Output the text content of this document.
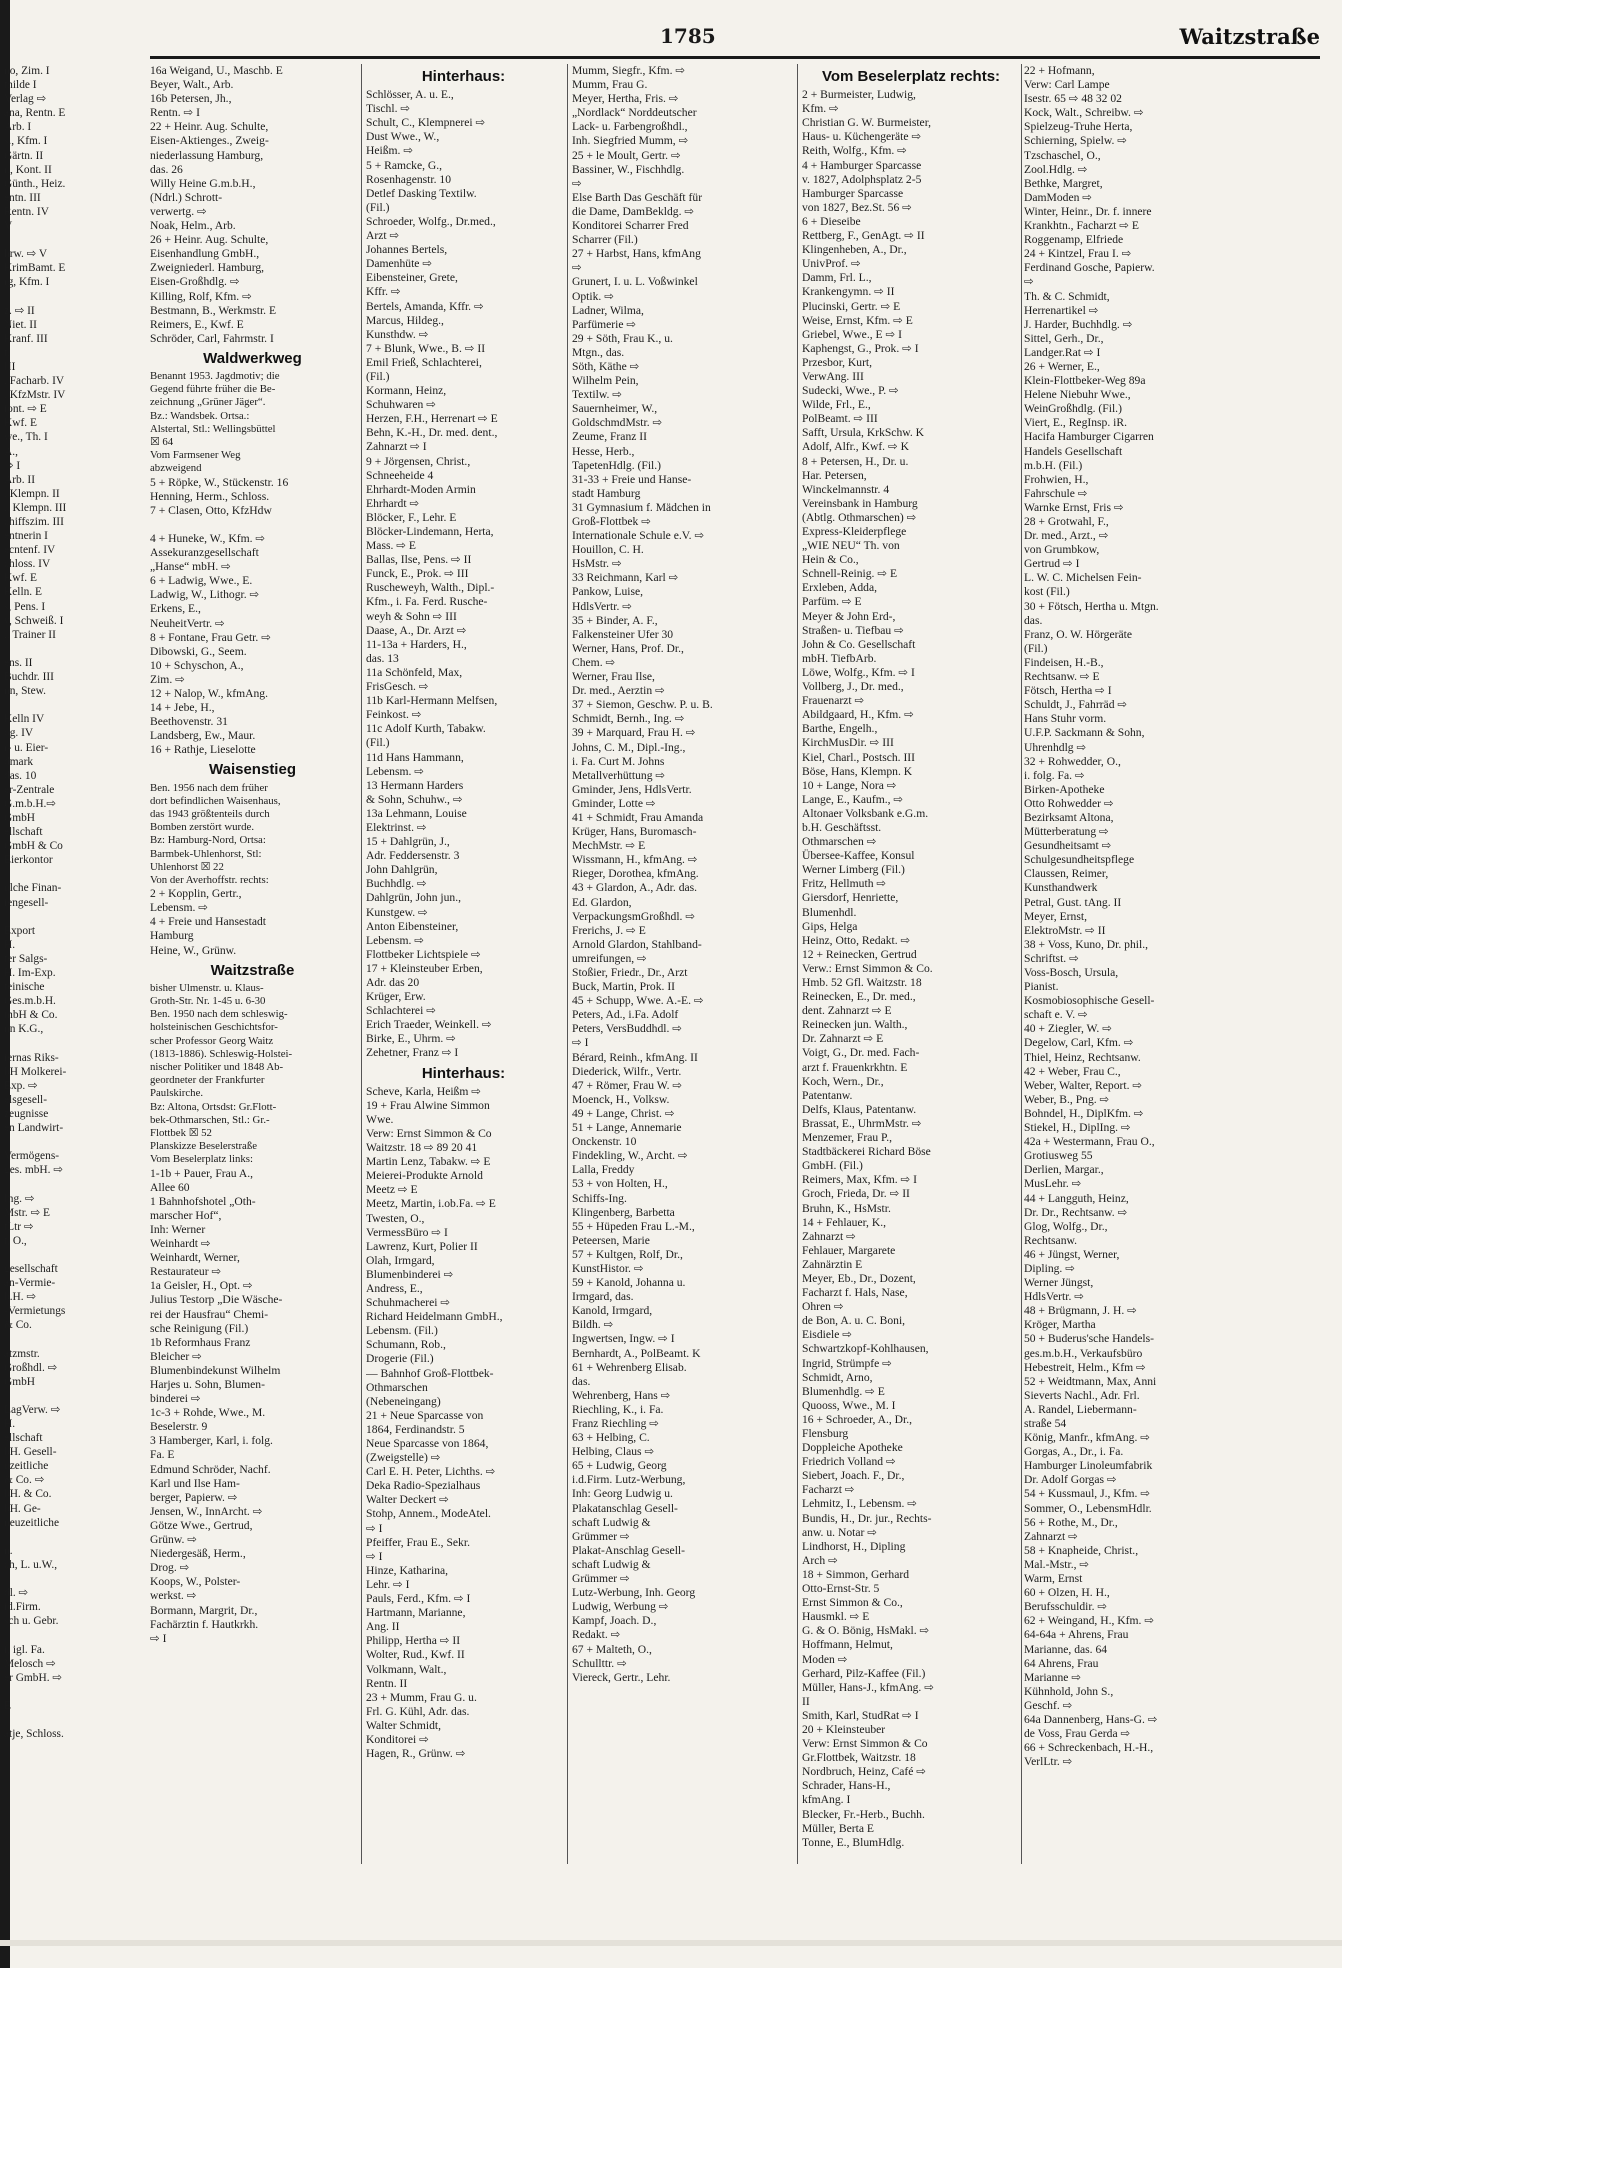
1785	Waitzstraße
no, Zim. I
thilde I
Verlag ⇨
ana, Rentn. E
Arb. I
s., Kfm. I
Gärtn. II
r., Kont. II
Günth., Heiz.
entn. III
Rentn. IV
V

hrw. ⇨ V
KrimBamt. E
rg, Kfm. I

z. ⇨ II
Niet. II
Kranf. III
t.
III
. Facharb. IV
, KfzMstr. IV
iont. ⇨ E
Kwf. E
we., Th. I
A.,
⇨ I
Arb. II
, Klempn. II
., Klempn. III
chiffszim. III
entnerin I
ecntenf. IV
chloss. IV
Kwf. E
Kelln. E
s, Pens. I
y, Schweiß. I
., Trainer II

ens. II
Buchdr. III
nn, Stew.

Kelln IV
og. IV
r- u. Eier-
dmark
das. 10
er-Zentrale
G.m.b.H.⇨
GmbH
ellschaft
GmbH & Co
Eierkontor

ulche Finan-
iengesell-

Export
H.
ter Salgs-
H. Im-Exp.
teinische
Ges.m.b.H.
mbH & Co.
nn K.G.,

iernas Riks-
bH Molkerei-
Exp. ⇨
elsgesell-
zeugnisse
en Landwirt-

Vermögens-
ges. mbH. ⇨

Ing. ⇨
Mstr. ⇨ E
tLtr ⇨
t, O.,

gesellschaft
an-Vermie-
b.H. ⇨
-Vermietungs
& Co.

atzmstr.
Großhdl. ⇨
GmbH

LagVerw. ⇨
H.
ellschaft
bH. Gesell-
uzeitliche
& Co. ⇨
bH. & Co.
bH. Ge-
neuzeitliche

n.
ch, L. u.W.,

dl. ⇨
id.Firm.
sch u. Gebr.

i, igl. Fa.
Melosch ⇨
er GmbH. ⇨

E

atje, Schloss.
16a Weigand, U., Maschb. E
Beyer, Walt., Arb.
16b Petersen, Jh.,
Rentn. ⇨ I
22 + Heinr. Aug. Schulte,
Eisen-Aktienges., Zweig-
niederlassung Hamburg,
das. 26
Willy Heine G.m.b.H.,
(Ndrl.) Schrott-
verwertg. ⇨
Noak, Helm., Arb.
26 + Heinr. Aug. Schulte,
Eisenhandlung GmbH.,
Zweigniederl. Hamburg,
Eisen-Großhdlg. ⇨
Killing, Rolf, Kfm. ⇨
Bestmann, B., Werkmstr. E
Reimers, E., Kwf. E
Schröder, Carl, Fahrmstr. I
Waldwerkweg
Benannt 1953. Jagdmotiv; die
Gegend führte früher die Be-
zeichnung „Grüner Jäger“.
Bz.: Wandsbek. Ortsa.:
Alstertal, Stl.: Wellingsbüttel
☒ 64
Vom Farmsener Weg
abzweigend
5 + Röpke, W., Stückenstr. 16
Henning, Herm., Schloss.
7 + Clasen, Otto, KfzHdw

4 + Huneke, W., Kfm. ⇨
Assekuranzgesellschaft
„Hanse“ mbH. ⇨
6 + Ladwig, Wwe., E.
Ladwig, W., Lithogr. ⇨
Erkens, E.,
NeuheitVertr. ⇨
8 + Fontane, Frau Getr. ⇨
Dibowski, G., Seem.
10 + Schyschon, A.,
Zim. ⇨
12 + Nalop, W., kfmAng.
14 + Jebe, H.,
Beethovenstr. 31
Landsberg, Ew., Maur.
16 + Rathje, Lieselotte
Waisenstieg
Ben. 1956 nach dem früher
dort befindlichen Waisenhaus,
das 1943 größtenteils durch
Bomben zerstört wurde.
Bz: Hamburg-Nord, Ortsa:
Barmbek-Uhlenhorst, Stl:
Uhlenhorst ☒ 22
Von der Averhoffstr. rechts:
2 + Kopplin, Gertr.,
Lebensm. ⇨
4 + Freie und Hansestadt
Hamburg
Heine, W., Grünw.
Waitzstraße
bisher Ulmenstr. u. Klaus-
Groth-Str. Nr. 1-45 u. 6-30
Ben. 1950 nach dem schleswig-
holsteinischen Geschichtsfor-
scher Professor Georg Waitz
(1813-1886). Schleswig-Holstei-
nischer Politiker und 1848 Ab-
geordneter der Frankfurter
Paulskirche.
Bz: Altona, Ortsdst: Gr.Flott-
bek-Othmarschen, Stl.: Gr.-
Flottbek ☒ 52
Planskizze Beselerstraße
Vom Beselerplatz links:
1-1b + Pauer, Frau A.,
Allee 60
1 Bahnhofshotel „Oth-
marscher Hof“,
Inh: Werner
Weinhardt ⇨
Weinhardt, Werner,
Restaurateur ⇨
1a Geisler, H., Opt. ⇨
Julius Testorp „Die Wäsche-
rei der Hausfrau“ Chemi-
sche Reinigung (Fil.)
1b Reformhaus Franz
Bleicher ⇨
Blumenbindekunst Wilhelm
Harjes u. Sohn, Blumen-
binderei ⇨
1c-3 + Rohde, Wwe., M.
Beselerstr. 9
3 Hamberger, Karl, i. folg.
Fa. E
Edmund Schröder, Nachf.
Karl und Ilse Ham-
berger, Papierw. ⇨
Jensen, W., InnArcht. ⇨
Götze Wwe., Gertrud,
Grünw. ⇨
Niedergesäß, Herm.,
Drog. ⇨
Koops, W., Polster-
werkst. ⇨
Bormann, Margrit, Dr.,
Fachärztin f. Hautkrkh.
⇨ I
Hinterhaus:
Schlösser, A. u. E.,
Tischl. ⇨
Schult, C., Klempnerei ⇨
Dust Wwe., W.,
Heißm. ⇨
5 + Ramcke, G.,
Rosenhagenstr. 10
Detlef Dasking Textilw.
(Fil.)
Schroeder, Wolfg., Dr.med.,
Arzt ⇨
Johannes Bertels,
Damenhüte ⇨
Eibensteiner, Grete,
Kffr. ⇨
Bertels, Amanda, Kffr. ⇨
Marcus, Hildeg.,
Kunsthdw. ⇨
7 + Blunk, Wwe., B. ⇨ II
Emil Frieß, Schlachterei,
(Fil.)
Kormann, Heinz,
Schuhwaren ⇨
Herzen, F.H., Herrenart ⇨ E
Behn, K.-H., Dr. med. dent.,
Zahnarzt ⇨ I
9 + Jörgensen, Christ.,
Schneeheide 4
Ehrhardt-Moden Armin
Ehrhardt ⇨
Blöcker, F., Lehr. E
Blöcker-Lindemann, Herta,
Mass. ⇨ E
Ballas, Ilse, Pens. ⇨ II
Funck, E., Prok. ⇨ III
Ruscheweyh, Walth., Dipl.-
Kfm., i. Fa. Ferd. Rusche-
weyh & Sohn ⇨ III
Daase, A., Dr. Arzt ⇨
11-13a + Harders, H.,
das. 13
11a Schönfeld, Max,
FrisGesch. ⇨
11b Karl-Hermann Melfsen,
Feinkost. ⇨
11c Adolf Kurth, Tabakw.
(Fil.)
11d Hans Hammann,
Lebensm. ⇨
13 Hermann Harders
& Sohn, Schuhw., ⇨
13a Lehmann, Louise
Elektrinst. ⇨
15 + Dahlgrün, J.,
Adr. Feddersenstr. 3
John Dahlgrün,
Buchhdlg. ⇨
Dahlgrün, John jun.,
Kunstgew. ⇨
Anton Eibensteiner,
Lebensm. ⇨
Flottbeker Lichtspiele ⇨
17 + Kleinsteuber Erben,
Adr. das 20
Krüger, Erw.
Schlachterei ⇨
Erich Traeder, Weinkell. ⇨
Birke, E., Uhrm. ⇨
Zehetner, Franz ⇨ I
Hinterhaus:
Scheve, Karla, Heißm ⇨
19 + Frau Alwine Simmon
Wwe.
Verw: Ernst Simmon & Co
Waitzstr. 18 ⇨ 89 20 41
Martin Lenz, Tabakw. ⇨ E
Meierei-Produkte Arnold
Meetz ⇨ E
Meetz, Martin, i.ob.Fa. ⇨ E
Twesten, O.,
VermessBüro ⇨ I
Lawrenz, Kurt, Polier II
Olah, Irmgard,
Blumenbinderei ⇨
Andress, E.,
Schuhmacherei ⇨
Richard Heidelmann GmbH.,
Lebensm. (Fil.)
Schumann, Rob.,
Drogerie (Fil.)
— Bahnhof Groß-Flottbek-
Othmarschen
(Nebeneingang)
21 + Neue Sparcasse von
1864, Ferdinandstr. 5
Neue Sparcasse von 1864,
(Zweigstelle) ⇨
Carl E. H. Peter, Lichths. ⇨
Deka Radio-Spezialhaus
Walter Deckert ⇨
Stohp, Annem., ModeAtel.
⇨ I
Pfeiffer, Frau E., Sekr.
⇨ I
Hinze, Katharina,
Lehr. ⇨ I
Pauls, Ferd., Kfm. ⇨ I
Hartmann, Marianne,
Ang. II
Philipp, Hertha ⇨ II
Wolter, Rud., Kwf. II
Volkmann, Walt.,
Rentn. II
23 + Mumm, Frau G. u.
Frl. G. Kühl, Adr. das.
Walter Schmidt,
Konditorei ⇨
Hagen, R., Grünw. ⇨
Mumm, Siegfr., Kfm. ⇨
Mumm, Frau G.
Meyer, Hertha, Fris. ⇨
„Nordlack“ Norddeutscher
Lack- u. Farbengroßhdl.,
Inh. Siegfried Mumm, ⇨
25 + le Moult, Gertr. ⇨
Bassiner, W., Fischhdlg.
⇨
Else Barth Das Geschäft für
die Dame, DamBekldg. ⇨
Konditorei Scharrer Fred
Scharrer (Fil.)
27 + Harbst, Hans, kfmAng
⇨
Grunert, I. u. L. Voßwinkel
Optik. ⇨
Ladner, Wilma,
Parfümerie ⇨
29 + Söth, Frau K., u.
Mtgn., das.
Söth, Käthe ⇨
Wilhelm Pein,
Textilw. ⇨
Sauernheimer, W.,
GoldschmdMstr. ⇨
Zeume, Franz II
Hesse, Herb.,
TapetenHdlg. (Fil.)
31-33 + Freie und Hanse-
stadt Hamburg
31 Gymnasium f. Mädchen in
Groß-Flottbek ⇨
Internationale Schule e.V. ⇨
Houillon, C. H.
HsMstr. ⇨
33 Reichmann, Karl ⇨
Pankow, Luise,
HdlsVertr. ⇨
35 + Binder, A. F.,
Falkensteiner Ufer 30
Werner, Hans, Prof. Dr.,
Chem. ⇨
Werner, Frau Ilse,
Dr. med., Aerztin ⇨
37 + Siemon, Geschw. P. u. B.
Schmidt, Bernh., Ing. ⇨
39 + Marquard, Frau H. ⇨
Johns, C. M., Dipl.-Ing.,
i. Fa. Curt M. Johns
Metallverhüttung ⇨
Gminder, Jens, HdlsVertr.
Gminder, Lotte ⇨
41 + Schmidt, Frau Amanda
Krüger, Hans, Buromasch-
MechMstr. ⇨ E
Wissmann, H., kfmAng. ⇨
Rieger, Dorothea, kfmAng.
43 + Glardon, A., Adr. das.
Ed. Glardon,
VerpackungsmGroßhdl. ⇨
Frerichs, J. ⇨ E
Arnold Glardon, Stahlband-
umreifungen, ⇨
Stoßier, Friedr., Dr., Arzt
Buck, Martin, Prok. II
45 + Schupp, Wwe. A.-E. ⇨
Peters, Ad., i.Fa. Adolf
Peters, VersBuddhdl. ⇨
⇨ I
Bérard, Reinh., kfmAng. II
Diederick, Wilfr., Vertr.
47 + Römer, Frau W. ⇨
Moenck, H., Volksw.
49 + Lange, Christ. ⇨
51 + Lange, Annemarie
Onckenstr. 10
Findekling, W., Archt. ⇨
Lalla, Freddy
53 + von Holten, H.,
Schiffs-Ing.
Klingenberg, Barbetta
55 + Hüpeden Frau L.-M.,
Peteersen, Marie
57 + Kultgen, Rolf, Dr.,
KunstHistor. ⇨
59 + Kanold, Johanna u.
Irmgard, das.
Kanold, Irmgard,
Bildh. ⇨
Ingwertsen, Ingw. ⇨ I
Bernhardt, A., PolBeamt. K
61 + Wehrenberg Elisab.
das.
Wehrenberg, Hans ⇨
Riechling, K., i. Fa.
Franz Riechling ⇨
63 + Helbing, C.
Helbing, Claus ⇨
65 + Ludwig, Georg
i.d.Firm. Lutz-Werbung,
Inh: Georg Ludwig u.
Plakatanschlag Gesell-
schaft Ludwig &
Grümmer ⇨
Plakat-Anschlag Gesell-
schaft Ludwig &
Grümmer ⇨
Lutz-Werbung, Inh. Georg
Ludwig, Werbung ⇨
Kampf, Joach. D.,
Redakt. ⇨
67 + Malteth, O.,
Schullttr. ⇨
Viereck, Gertr., Lehr.
Vom Beselerplatz rechts:
2 + Burmeister, Ludwig,
Kfm. ⇨
Christian G. W. Burmeister,
Haus- u. Küchengeräte ⇨
Reith, Wolfg., Kfm. ⇨
4 + Hamburger Sparcasse
v. 1827, Adolphsplatz 2-5
Hamburger Sparcasse
von 1827, Bez.St. 56 ⇨
6 + Dieseibe
Rettberg, F., GenAgt. ⇨ II
Klingenheben, A., Dr.,
UnivProf. ⇨
Damm, Frl. L.,
Krankengymn. ⇨ II
Plucinski, Gertr. ⇨ E
Weise, Ernst, Kfm. ⇨ E
Griebel, Wwe., E ⇨ I
Kaphengst, G., Prok. ⇨ I
Przesbor, Kurt,
VerwAng. III
Sudecki, Wwe., P. ⇨
Wilde, Frl., E.,
PolBeamt. ⇨ III
Safft, Ursula, KrkSchw. K
Adolf, Alfr., Kwf. ⇨ K
8 + Petersen, H., Dr. u.
Har. Petersen,
Winckelmannstr. 4
Vereinsbank in Hamburg
(Abtlg. Othmarschen) ⇨
Express-Kleiderpflege
„WIE NEU“ Th. von
Hein & Co.,
Schnell-Reinig. ⇨ E
Erxleben, Adda,
Parfüm. ⇨ E
Meyer & John Erd-,
Straßen- u. Tiefbau ⇨
John & Co. Gesellschaft
mbH. TiefbArb.
Löwe, Wolfg., Kfm. ⇨ I
Vollberg, J., Dr. med.,
Frauenarzt ⇨
Abildgaard, H., Kfm. ⇨
Barthe, Engelh.,
KirchMusDir. ⇨ III
Kiel, Charl., Postsch. III
Böse, Hans, Klempn. K
10 + Lange, Nora ⇨
Lange, E., Kaufm., ⇨
Altonaer Volksbank e.G.m.
b.H. Geschäftsst.
Othmarschen ⇨
Übersee-Kaffee, Konsul
Werner Limberg (Fil.)
Fritz, Hellmuth ⇨
Giersdorf, Henriette,
Blumenhdl.
Gips, Helga
Heinz, Otto, Redakt. ⇨
12 + Reinecken, Gertrud
Verw.: Ernst Simmon & Co.
Hmb. 52 Gfl. Waitzstr. 18
Reinecken, E., Dr. med.,
dent. Zahnarzt ⇨ E
Reinecken jun. Walth.,
Dr. Zahnarzt ⇨ E
Voigt, G., Dr. med. Fach-
arzt f. Frauenkrkhtn. E
Koch, Wern., Dr.,
Patentanw.
Delfs, Klaus, Patentanw.
Brassat, E., UhrmMstr. ⇨
Menzemer, Frau P.,
Stadtbäckerei Richard Böse
GmbH. (Fil.)
Reimers, Max, Kfm. ⇨ I
Groch, Frieda, Dr. ⇨ II
Bruhn, K., HsMstr.
14 + Fehlauer, K.,
Zahnarzt ⇨
Fehlauer, Margarete
Zahnärztin E
Meyer, Eb., Dr., Dozent,
Facharzt f. Hals, Nase,
Ohren ⇨
de Bon, A. u. C. Boni,
Eisdiele ⇨
Schwartzkopf-Kohlhausen,
Ingrid, Strümpfe ⇨
Schmidt, Arno,
Blumenhdlg. ⇨ E
Quooss, Wwe., M. I
16 + Schroeder, A., Dr.,
Flensburg
Doppleiche Apotheke
Friedrich Volland ⇨
Siebert, Joach. F., Dr.,
Facharzt ⇨
Lehmitz, I., Lebensm. ⇨
Bundis, H., Dr. jur., Rechts-
anw. u. Notar ⇨
Lindhorst, H., Dipling
Arch ⇨
18 + Simmon, Gerhard
Otto-Ernst-Str. 5
Ernst Simmon & Co.,
Hausmkl. ⇨ E
G. & O. Bönig, HsMakl. ⇨
Hoffmann, Helmut,
Moden ⇨
Gerhard, Pilz-Kaffee (Fil.)
Müller, Hans-J., kfmAng. ⇨
II
Smith, Karl, StudRat ⇨ I
20 + Kleinsteuber
Verw: Ernst Simmon & Co
Gr.Flottbek, Waitzstr. 18
Nordbruch, Heinz, Café ⇨
Schrader, Hans-H.,
kfmAng. I
Blecker, Fr.-Herb., Buchh.
Müller, Berta E
Tonne, E., BlumHdlg.
22 + Hofmann,
Verw: Carl Lampe
Isestr. 65 ⇨ 48 32 02
Kock, Walt., Schreibw. ⇨
Spielzeug-Truhe Herta,
Schierning, Spielw. ⇨
Tzschaschel, O.,
Zool.Hdlg. ⇨
Bethke, Margret,
DamModen ⇨
Winter, Heinr., Dr. f. innere
Krankhtn., Facharzt ⇨ E
Roggenamp, Elfriede
24 + Kintzel, Frau I. ⇨
Ferdinand Gosche, Papierw.
⇨
Th. & C. Schmidt,
Herrenartikel ⇨
J. Harder, Buchhdlg. ⇨
Sittel, Gerh., Dr.,
Landger.Rat ⇨ I
26 + Werner, E.,
Klein-Flottbeker-Weg 89a
Helene Niebuhr Wwe.,
WeinGroßhdlg. (Fil.)
Viert, E., RegInsp. iR.
Hacifa Hamburger Cigarren
Handels Gesellschaft
m.b.H. (Fil.)
Frohwien, H.,
Fahrschule ⇨
Warnke Ernst, Fris ⇨
28 + Grotwahl, F.,
Dr. med., Arzt., ⇨
von Grumbkow,
Gertrud ⇨ I
L. W. C. Michelsen Fein-
kost (Fil.)
30 + Fötsch, Hertha u. Mtgn.
das.
Franz, O. W. Hörgeräte
(Fil.)
Findeisen, H.-B.,
Rechtsanw. ⇨ E
Fötsch, Hertha ⇨ I
Schuldt, J., Fahrräd ⇨
Hans Stuhr vorm.
U.F.P. Sackmann & Sohn,
Uhrenhdlg ⇨
32 + Rohwedder, O.,
i. folg. Fa. ⇨
Birken-Apotheke
Otto Rohwedder ⇨
Bezirksamt Altona,
Mütterberatung ⇨
Gesundheitsamt ⇨
Schulgesundheitspflege
Claussen, Reimer,
Kunsthandwerk
Petral, Gust. tAng. II
Meyer, Ernst,
ElektroMstr. ⇨ II
38 + Voss, Kuno, Dr. phil.,
Schriftst. ⇨
Voss-Bosch, Ursula,
Pianist.
Kosmobiosophische Gesell-
schaft e. V. ⇨
40 + Ziegler, W. ⇨
Degelow, Carl, Kfm. ⇨
Thiel, Heinz, Rechtsanw.
42 + Weber, Frau C.,
Weber, Walter, Report. ⇨
Weber, B., Png. ⇨
Bohndel, H., DiplKfm. ⇨
Stiekel, H., DiplIng. ⇨
42a + Westermann, Frau O.,
Grotiusweg 55
Derlien, Margar.,
MusLehr. ⇨
44 + Langguth, Heinz,
Dr. Dr., Rechtsanw. ⇨
Glog, Wolfg., Dr.,
Rechtsanw.
46 + Jüngst, Werner,
Dipling. ⇨
Werner Jüngst,
HdlsVertr. ⇨
48 + Brügmann, J. H. ⇨
Kröger, Martha
50 + Buderus'sche Handels-
ges.m.b.H., Verkaufsbüro
Hebestreit, Helm., Kfm ⇨
52 + Weidtmann, Max, Anni
Sieverts Nachl., Adr. Frl.
A. Randel, Liebermann-
straße 54
König, Manfr., kfmAng. ⇨
Gorgas, A., Dr., i. Fa.
Hamburger Linoleumfabrik
Dr. Adolf Gorgas ⇨
54 + Kussmaul, J., Kfm. ⇨
Sommer, O., LebensmHdlr.
56 + Rothe, M., Dr.,
Zahnarzt ⇨
58 + Knapheide, Christ.,
Mal.-Mstr., ⇨
Warm, Ernst
60 + Olzen, H. H.,
Berufsschuldir. ⇨
62 + Weingand, H., Kfm. ⇨
64-64a + Ahrens, Frau
Marianne, das. 64
64 Ahrens, Frau
Marianne ⇨
Kühnhold, John S.,
Geschf. ⇨
64a Dannenberg, Hans-G. ⇨
de Voss, Frau Gerda ⇨
66 + Schreckenbach, H.-H.,
VerlLtr. ⇨
